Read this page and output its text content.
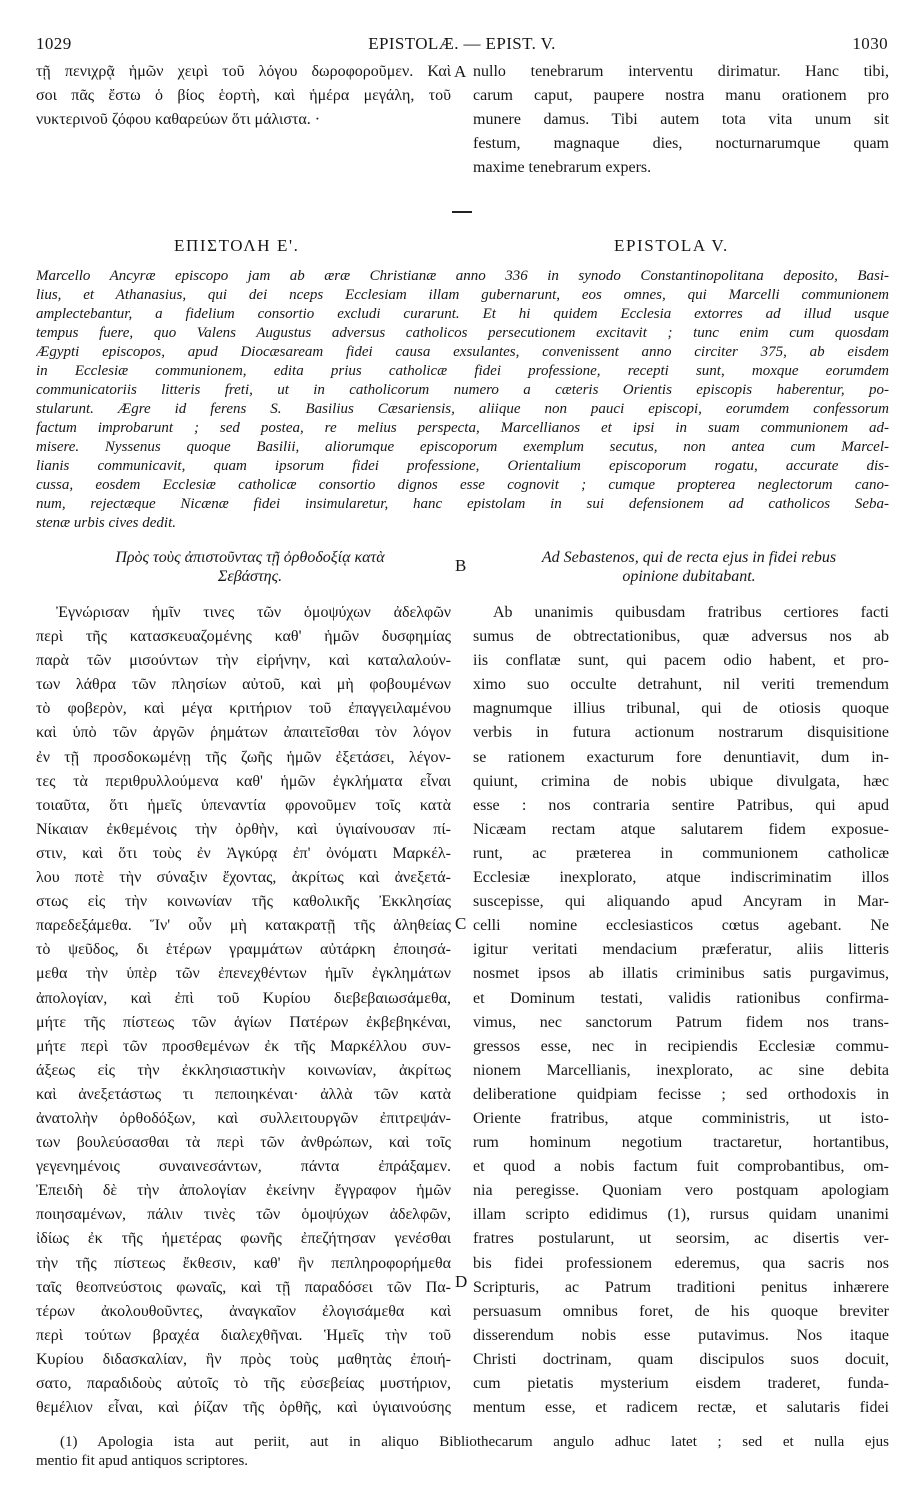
1029	EPISTOLÆ. — EPIST. V.	1030
τῇ πενιχρᾷ ἡμῶν χειρὶ τοῦ λόγου δωροφοροῦμεν. Καὶ
σοι πᾶς ἔστω ὁ βίος ἑορτὴ, καὶ ἡμέρα μεγάλη, τοῦ
νυκτερινοῦ ζόφου καθαρεύων ὅτι μάλιστα. ·
nullo tenebrarum interventu dirimatur. Hanc tibi,
carum caput, paupere nostra manu orationem pro
munere damus. Tibi autem tota vita unum sit
festum, magnaque dies, nocturnarumque quam
maxime tenebrarum expers.
A
ΕΠΙΣΤΟΛΗ Ε'.	EPISTOLA V.
Marcello Ancyræ episcopo jam ab æræ Christianæ anno 336 in synodo Constantinopolitana deposito, Basi-
lius, et Athanasius, qui dei nceps Ecclesiam illam gubernarunt, eos omnes, qui Marcelli communionem
amplectebantur, a fidelium consortio excludi curarunt. Et hi quidem Ecclesia extorres ad illud usque
tempus fuere, quo Valens Augustus adversus catholicos persecutionem excitavit ; tunc enim cum quosdam
Ægypti episcopos, apud Diocæsaream fidei causa exsulantes, convenissent anno circiter 375, ab eisdem
in Ecclesiæ communionem, edita prius catholicæ fidei professione, recepti sunt, moxque eorumdem
communicatoriis litteris freti, ut in catholicorum numero a cæteris Orientis episcopis haberentur, po-
stularunt. Ægre id ferens S. Basilius Cæsariensis, aliique non pauci episcopi, eorumdem confessorum
factum improbarunt ; sed postea, re melius perspecta, Marcellianos et ipsi in suam communionem ad-
misere. Nyssenus quoque Basilii, aliorumque episcoporum exemplum secutus, non antea cum Marcel-
lianis communicavit, quam ipsorum fidei professione, Orientalium episcoporum rogatu, accurate dis-
cussa, eosdem Ecclesiæ catholicæ consortio dignos esse cognovit ; cumque propterea neglectorum cano-
num, rejectæque Nicænæ fidei insimularetur, hanc epistolam in sui defensionem ad catholicos Seba-
stenæ urbis cives dedit.
Πρὸς τοὺς ἀπιστοῦντας τῇ ὀρθοδοξίᾳ κατὰ
Σεβάστης.
B	Ad Sebastenos, qui de recta ejus in fidei rebus
opinione dubitabant.
Ἐγνώρισαν ἡμῖν τινες τῶν ὁμοψύχων ἀδελφῶν
περὶ τῆς κατασκευαζομένης καθ' ἡμῶν δυσφημίας
παρὰ τῶν μισούντων τὴν εἰρήνην, καὶ καταλαλούν-
των λάθρα τῶν πλησίων αὐτοῦ, καὶ μὴ φοβουμένων
τὸ φοβερὸν, καὶ μέγα κριτήριον τοῦ ἐπαγγειλαμένου
καὶ ὑπὸ τῶν ἀργῶν ῥημάτων ἀπαιτεῖσθαι τὸν λόγον
ἐν τῇ προσδοκωμένῃ τῆς ζωῆς ἡμῶν ἐξετάσει, λέγον-
τες τὰ περιθρυλλούμενα καθ' ἡμῶν ἐγκλήματα εἶναι
τοιαῦτα, ὅτι ἡμεῖς ὑπεναντία φρονοῦμεν τοῖς κατὰ
Νίκαιαν ἐκθεμένοις τὴν ὀρθὴν, καὶ ὑγιαίνουσαν πί-
στιν, καὶ ὅτι τοὺς ἐν Ἀγκύρᾳ ἐπ' ὀνόματι Μαρκέλ-
λου ποτὲ τὴν σύναξιν ἔχοντας, ἀκρίτως καὶ ἀνεξετά-
στως εἰς τὴν κοινωνίαν τῆς καθολικῆς Ἐκκλησίας
παρεδεξάμεθα. Ἵν' οὖν μὴ κατακρατῇ τῆς ἀληθείας
τὸ ψεῦδος, δι ἑτέρων γραμμάτων αὐτάρκη ἐποιησά-
μεθα τὴν ὑπὲρ τῶν ἐπενεχθέντων ἡμῖν ἐγκλημάτων
ἀπολογίαν, καὶ ἐπὶ τοῦ Κυρίου διεβεβαιωσάμεθα,
μήτε τῆς πίστεως τῶν ἁγίων Πατέρων ἐκβεβηκέναι,
μήτε περὶ τῶν προσθεμένων ἐκ τῆς Μαρκέλλου συν-
άξεως εἰς τὴν ἐκκλησιαστικὴν κοινωνίαν, ἀκρίτως
καὶ ἀνεξετάστως τι πεποιηκέναι· ἀλλὰ τῶν κατὰ
ἀνατολὴν ὀρθοδόξων, καὶ συλλειτουργῶν ἐπιτρεψάν-
των βουλεύσασθαι τὰ περὶ τῶν ἀνθρώπων, καὶ τοῖς
γεγενημένοις συναινεσάντων, πάντα ἐπράξαμεν.
Ἐπειδὴ δὲ τὴν ἀπολογίαν ἐκείνην ἔγγραφον ἡμῶν
ποιησαμένων, πάλιν τινὲς τῶν ὁμοψύχων ἀδελφῶν,
ἰδίως ἐκ τῆς ἡμετέρας φωνῆς ἐπεζήτησαν γενέσθαι
τὴν τῆς πίστεως ἔκθεσιν, καθ' ἣν πεπληροφορήμεθα
ταῖς θεοπνεύστοις φωναῖς, καὶ τῇ παραδόσει τῶν Πα-
τέρων ἀκολουθοῦντες, ἀναγκαῖον ἐλογισάμεθα καὶ
περὶ τούτων βραχέα διαλεχθῆναι. Ἡμεῖς τὴν τοῦ
Κυρίου διδασκαλίαν, ἣν πρὸς τοὺς μαθητὰς ἐποιή-
σατο, παραδιδοὺς αὐτοῖς τὸ τῆς εὐσεβείας μυστήριον,
θεμέλιον εἶναι, καὶ ῥίζαν τῆς ὀρθῆς, καὶ ὑγιαινούσης
C
D
Ab unanimis quibusdam fratribus certiores facti
sumus de obtrectationibus, quæ adversus nos ab
iis conflatæ sunt, qui pacem odio habent, et pro-
ximo suo occulte detrahunt, nil veriti tremendum
magnumque illius tribunal, qui de otiosis quoque
verbis in futura actionum nostrarum disquisitione
se rationem exacturum fore denuntiavit, dum in-
quiunt, crimina de nobis ubique divulgata, hæc
esse : nos contraria sentire Patribus, qui apud
Nicæam rectam atque salutarem fidem exposue-
runt, ac præterea in communionem catholicæ
Ecclesiæ inexplorato, atque indiscriminatim illos
suscepisse, qui aliquando apud Ancyram in Mar-
celli nomine ecclesiasticos cœtus agebant. Ne
igitur veritati mendacium præferatur, aliis litteris
nosmet ipsos ab illatis criminibus satis purgavimus,
et Dominum testati, validis rationibus confirma-
vimus, nec sanctorum Patrum fidem nos trans-
gressos esse, nec in recipiendis Ecclesiæ commu-
nionem Marcellianis, inexplorato, ac sine debita
deliberatione quidpiam fecisse ; sed orthodoxis in
Oriente fratribus, atque comministris, ut isto-
rum hominum negotium tractaretur, hortantibus,
et quod a nobis factum fuit comprobantibus, om-
nia peregisse. Quoniam vero postquam apologiam
illam scripto edidimus (1), rursus quidam unanimi
fratres postularunt, ut seorsim, ac disertis ver-
bis fidei professionem ederemus, qua sacris nos
Scripturis, ac Patrum traditioni penitus inhærere
persuasum omnibus foret, de his quoque breviter
disserendum nobis esse putavimus. Nos itaque
Christi doctrinam, quam discipulos suos docuit,
cum pietatis mysterium eisdem traderet, funda-
mentum esse, et radicem rectæ, et salutaris fidei
(1) Apologia ista aut periit, aut in aliquo Bibliothecarum angulo adhuc latet ; sed et nulla ejus
mentio fit apud antiquos scriptores.
